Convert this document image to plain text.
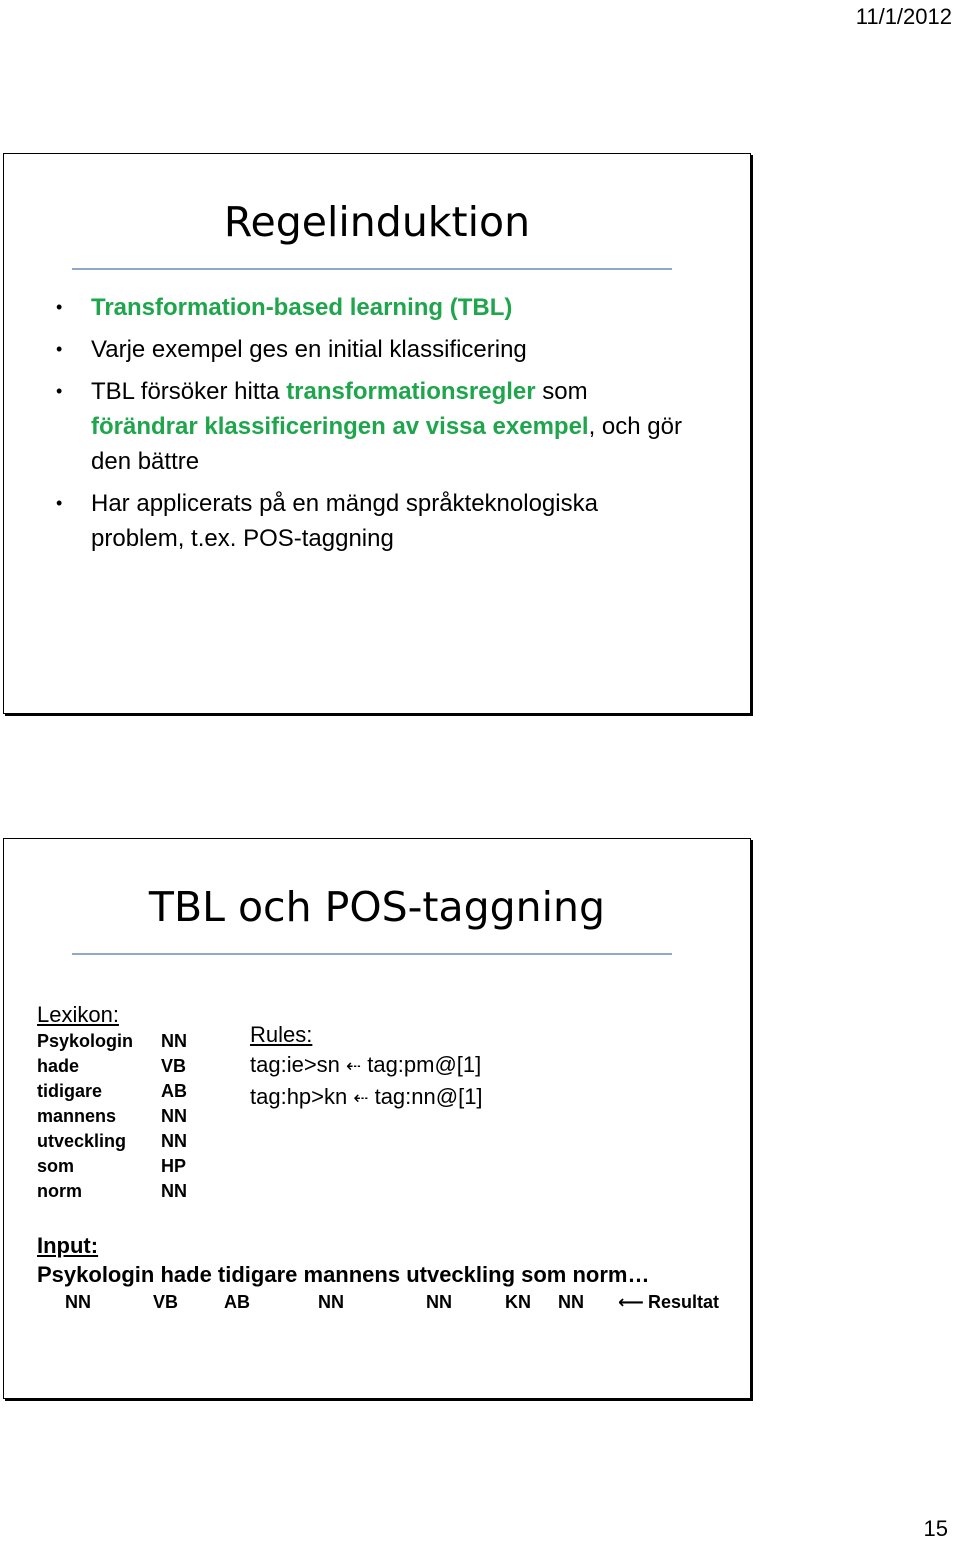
11/1/2012
Regelinduktion
• Transformation-based learning (TBL)
• Varje exempel ges en initial klassificering
• TBL försöker hitta transformationsregler som förändrar klassificeringen av vissa exempel, och gör den bättre
• Har applicerats på en mängd språkteknologiska problem, t.ex. POS-taggning
TBL och POS-taggning
Lexikon:
Psykologin	NN
hade	VB
tidigare	AB
mannens	NN
utveckling	NN
som	HP
norm	NN
Rules:
tag:ie>sn ⇠ tag:pm@[1]
tag:hp>kn ⇠ tag:nn@[1]
Input:
Psykologin hade tidigare mannens utveckling som norm…
NN	VB	AB	NN	NN	KN NN ⟵ Resultat
15
